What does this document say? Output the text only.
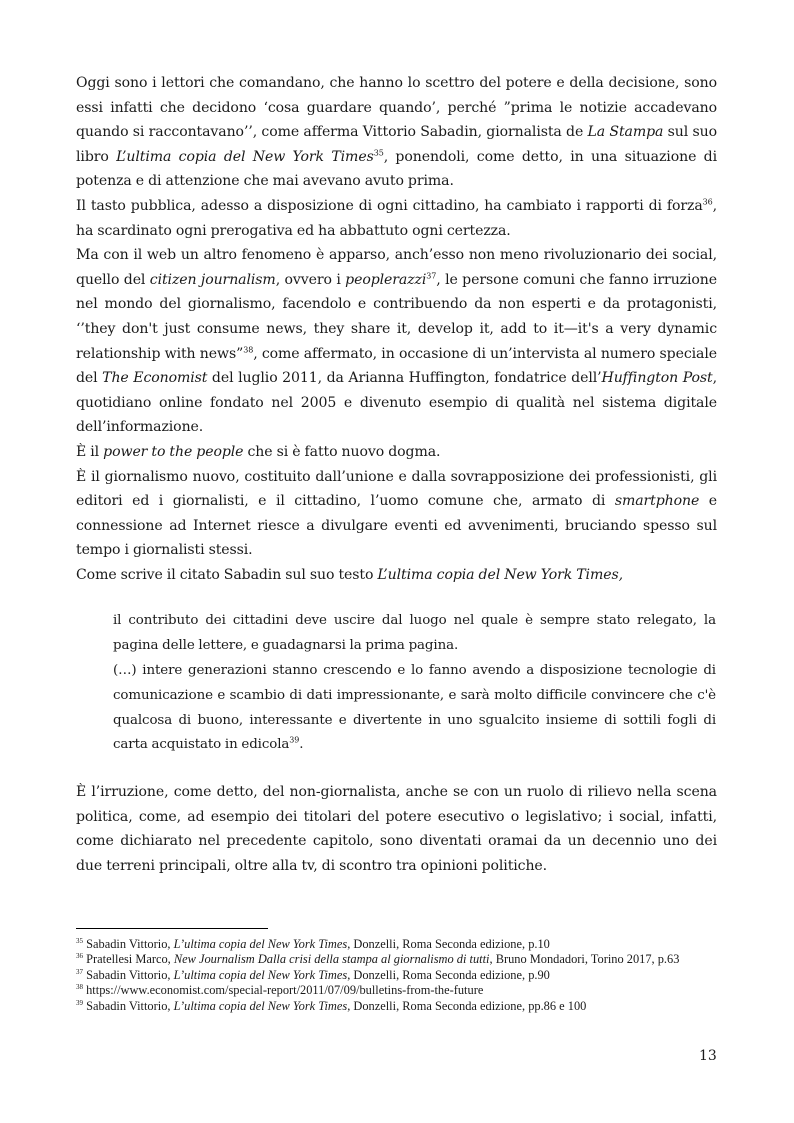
Oggi sono i lettori che comandano, che hanno lo scettro del potere e della decisione, sono essi infatti che decidono ‘cosa guardare quando’, perché ”prima le notizie accadevano quando si raccontavano’’, come afferma Vittorio Sabadin, giornalista de La Stampa sul suo libro L’ultima copia del New York Times$^{35}$, ponendoli, come detto, in una situazione di potenza e di attenzione che mai avevano avuto prima.

Il tasto pubblica, adesso a disposizione di ogni cittadino, ha cambiato i rapporti di forza$^{36}$, ha scardinato ogni prerogativa ed ha abbattuto ogni certezza.

Ma con il web un altro fenomeno è apparso, anch’esso non meno rivoluzionario dei social, quello del citizen journalism, ovvero i peoplerazzi$^{37}$, le persone comuni che fanno irruzione nel mondo del giornalismo, facendolo e contribuendo da non esperti e da protagonisti, ‘’they don't just consume news, they share it, develop it, add to it—it's a very dynamic relationship with news”$^{38}$, come affermato, in occasione di un’intervista al numero speciale del The Economist del luglio 2011, da Arianna Huffington, fondatrice dell’Huffington Post, quotidiano online fondato nel 2005 e divenuto esempio di qualità nel sistema digitale dell’informazione.

È il power to the people che si è fatto nuovo dogma.

È il giornalismo nuovo, costituito dall’unione e dalla sovrapposizione dei professionisti, gli editori ed i giornalisti, e il cittadino, l’uomo comune che, armato di smartphone e connessione ad Internet riesce a divulgare eventi ed avvenimenti, bruciando spesso sul tempo i giornalisti stessi.

Come scrive il citato Sabadin sul suo testo L’ultima copia del New York Times,

il contributo dei cittadini deve uscire dal luogo nel quale è sempre stato relegato, la pagina delle lettere, e guadagnarsi la prima pagina.

(…) intere generazioni stanno crescendo e lo fanno avendo a disposizione tecnologie di comunicazione e scambio di dati impressionante, e sarà molto difficile convincere che c'è qualcosa di buono, interessante e divertente in uno sgualcito insieme di sottili fogli di carta acquistato in edicola$^{39}$.

È l’irruzione, come detto, del non-giornalista, anche se con un ruolo di rilievo nella scena politica, come, ad esempio dei titolari del potere esecutivo o legislativo; i social, infatti, come dichiarato nel precedente capitolo, sono diventati oramai da un decennio uno dei due terreni principali, oltre alla tv, di scontro tra opinioni politiche.

$^{35}$ Sabadin Vittorio, L’ultima copia del New York Times, Donzelli, Roma Seconda edizione, p.10

$^{36}$ Pratellesi Marco, New Journalism Dalla crisi della stampa al giornalismo di tutti, Bruno Mondadori, Torino 2017, p.63

$^{37}$ Sabadin Vittorio, L’ultima copia del New York Times, Donzelli, Roma Seconda edizione, p.90

$^{38}$ https://www.economist.com/special-report/2011/07/09/bulletins-from-the-future

$^{39}$ Sabadin Vittorio, L’ultima copia del New York Times, Donzelli, Roma Seconda edizione, pp.86 e 100

13
